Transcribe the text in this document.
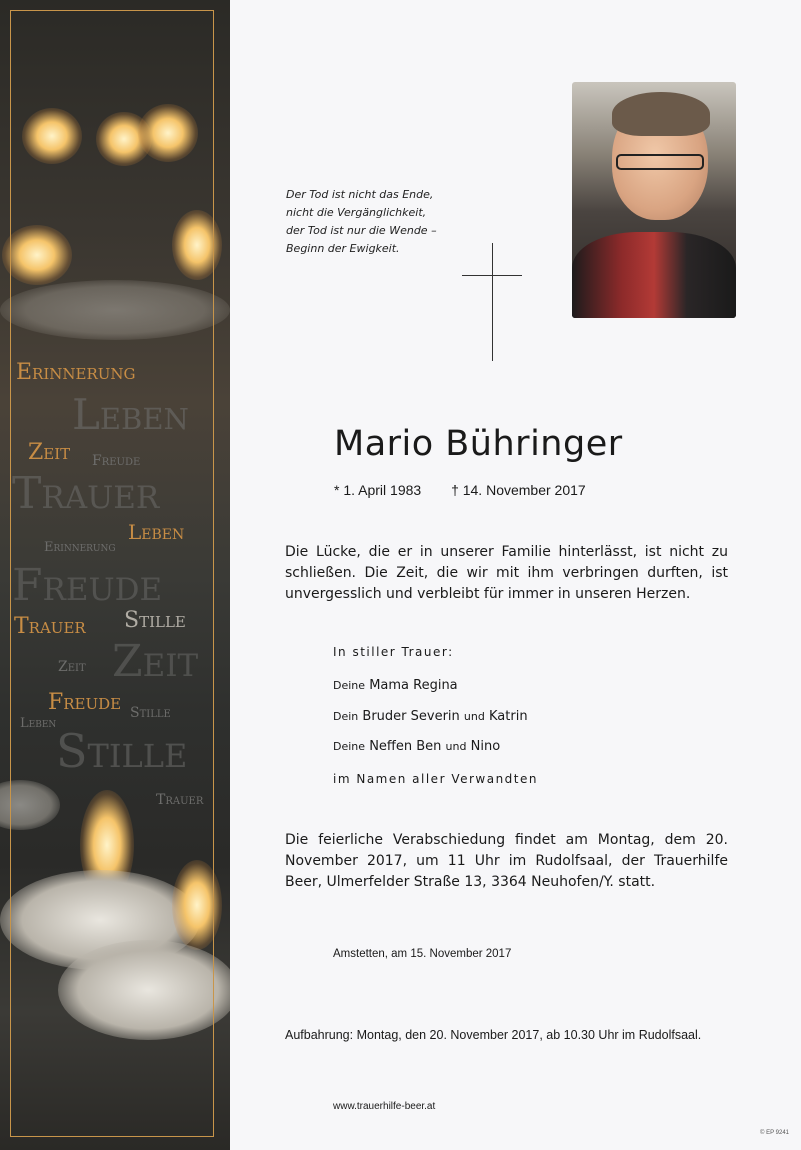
Erinnerung
Leben
Zeit Freude
Trauer
Leben
Erinnerung
Freude
Trauer Stille
Zeit
Zeit
Freude Stille
Leben
Stille
Trauer
Der Tod ist nicht das Ende,
nicht die Vergänglichkeit,
der Tod ist nur die Wende –
Beginn der Ewigkeit.
Mario Bühringer
* 1. April 1983 † 14. November 2017
Die Lücke, die er in unserer Familie hinterlässt, ist nicht zu schließen. Die Zeit, die wir mit ihm verbringen durften, ist unvergesslich und verbleibt für immer in unseren Herzen.
In stiller Trauer:
Deine Mama Regina
Dein Bruder Severin und Katrin
Deine Neffen Ben und Nino
im Namen aller Verwandten
Die feierliche Verabschiedung findet am Montag, dem 20. November 2017, um 11 Uhr im Rudolfsaal, der Trauerhilfe Beer, Ulmerfelder Straße 13, 3364 Neuhofen/Y. statt.
Amstetten, am 15. November 2017
Aufbahrung: Montag, den 20. November 2017, ab 10.30 Uhr im Rudolfsaal.
www.trauerhilfe-beer.at
© EP 9241
